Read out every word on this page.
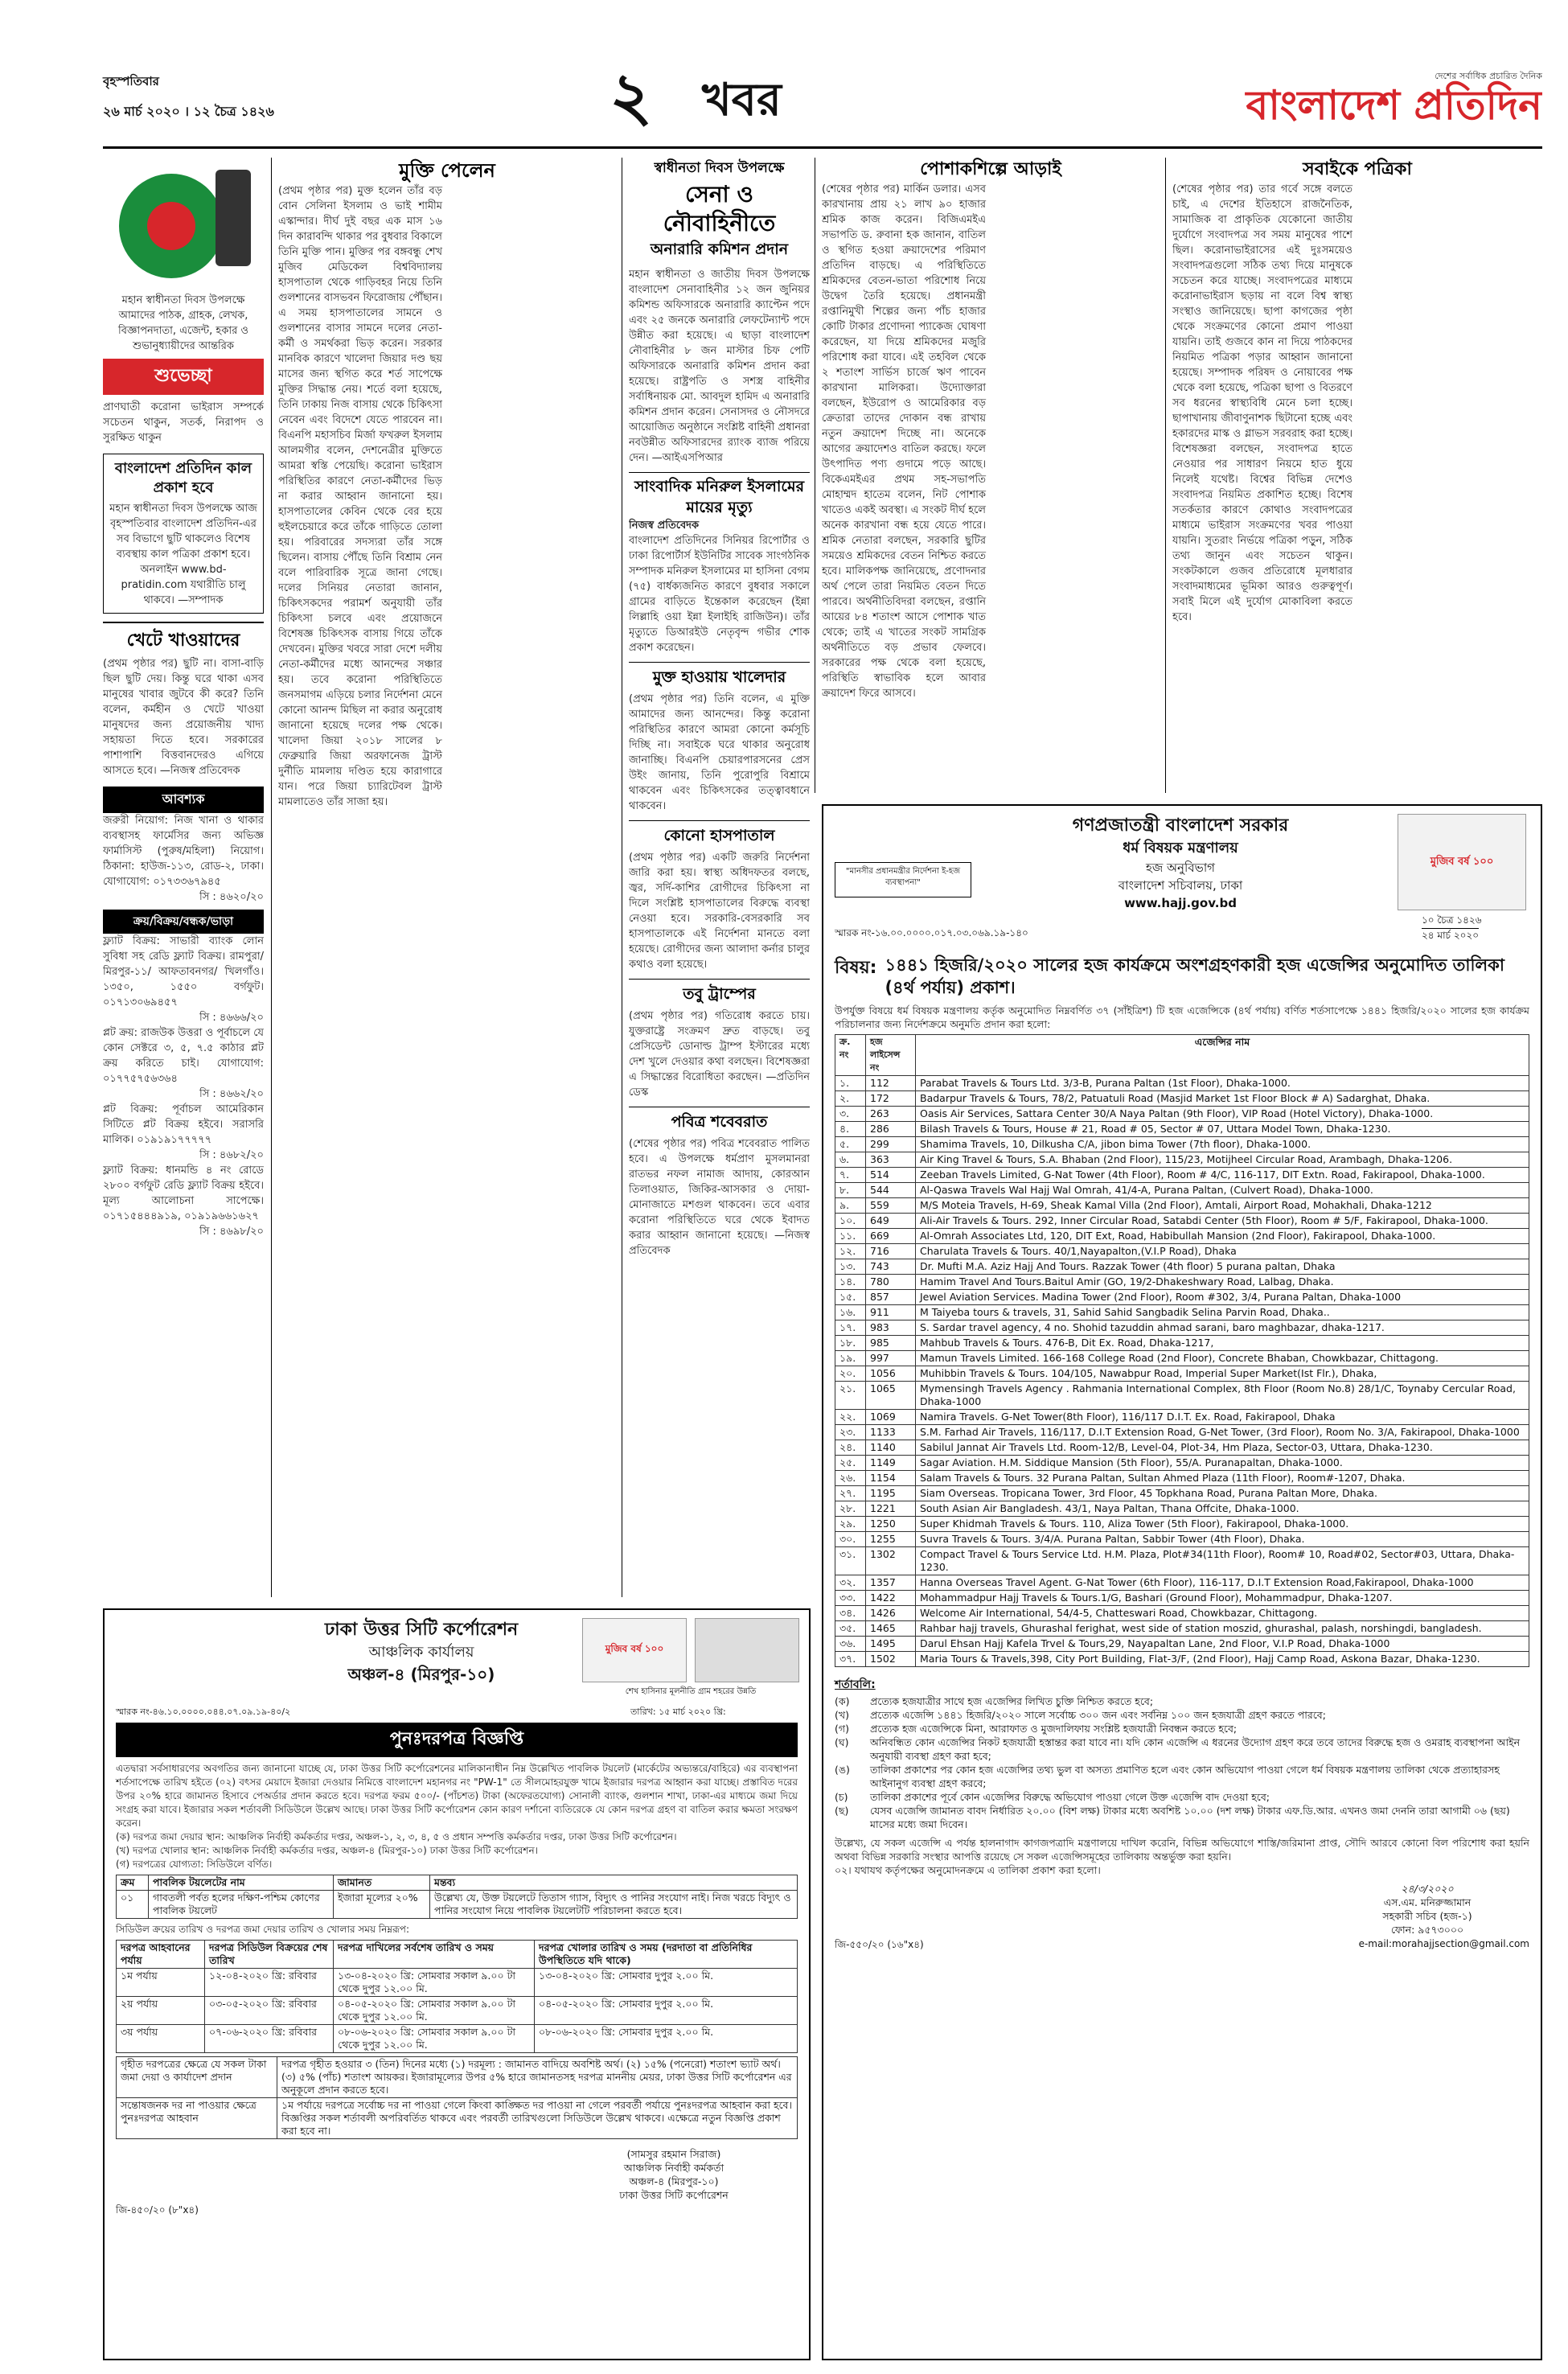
বৃহস্পতিবার
২৬ মার্চ ২০২০ । ১২ চৈত্র ১৪২৬	২ খবর	দেশের সর্বাধিক প্রচারিত দৈনিক
বাংলাদেশ প্রতিদিন
মহান স্বাধীনতা দিবস উপলক্ষে আমাদের পাঠক, গ্রাহক, লেখক, বিজ্ঞাপনদাতা, এজেন্ট, হকার ও শুভানুধ্যায়ীদের আন্তরিক
শুভেচ্ছা
প্রাণঘাতী করোনা ভাইরাস সম্পর্কে সচেতন থাকুন, সতর্ক, নিরাপদ ও সুরক্ষিত থাকুন
বাংলাদেশ প্রতিদিন কাল প্রকাশ হবে
মহান স্বাধীনতা দিবস উপলক্ষে আজ বৃহস্পতিবার বাংলাদেশ প্রতিদিন-এর সব বিভাগে ছুটি থাকলেও বিশেষ ব্যবস্থায় কাল পত্রিকা প্রকাশ হবে। অনলাইন www.bd-pratidin.com যথারীতি চালু থাকবে। —সম্পাদক
খেটে খাওয়াদের
(প্রথম পৃষ্ঠার পর) ছুটি না। বাসা-বাড়ি ছিল ছুটি দেয়। কিন্তু ঘরে থাকা এসব মানুষের খাবার জুটবে কী করে? তিনি বলেন, কর্মহীন ও খেটে খাওয়া মানুষদের জন্য প্রয়োজনীয় খাদ্য সহায়তা দিতে হবে। সরকারের পাশাপাশি বিত্তবানদেরও এগিয়ে আসতে হবে। —নিজস্ব প্রতিবেদক
আবশ্যক
জরুরী নিয়োগ: নিজ খানা ও থাকার ব্যবস্থাসহ ফার্মেসির জন্য অভিজ্ঞ ফার্মাসিস্ট (পুরুষ/মহিলা) নিয়োগ। ঠিকানা: হাউজ-১১৩, রোড-২, ঢাকা। যোগাযোগ: ০১৭৩৩৬৭৯৪৫
সি : ৪৬২০/২০
ক্রয়/বিক্রয়/বন্ধক/ভাড়া
ফ্ল্যাট বিক্রয়: সাভারী ব্যাংক লোন সুবিধা সহ রেডি ফ্ল্যাট বিক্রয়। রামপুরা/ মিরপুর-১১/ আফতাবনগর/ খিলগাঁও। ১৩৫০, ১৫৫০ বর্গফুট। ০১৭১৩০৬৯৪৫৭
সি : ৪৬৬৬/২০
প্লট ক্রয়: রাজউক উত্তরা ও পূর্বাচলে যে কোন সেক্টরে ৩, ৫, ৭.৫ কাঠার প্লট ক্রয় করিতে চাই। যোগাযোগ: ০১৭৭৫৭৫৬৩৬৪
সি : ৪৬৬২/২০
প্লট বিক্রয়: পূর্বাচল আমেরিকান সিটিতে প্লট বিক্রয় হইবে। সরাসরি মালিক। ০১৯১৯১৭৭৭৭৭
সি : ৪৬৮২/২০
ফ্ল্যাট বিক্রয়: ধানমন্ডি ৪ নং রোডে ২৮০০ বর্গফুট রেডি ফ্ল্যাট বিক্রয় হইবে। মূল্য আলোচনা সাপেক্ষে। ০১৭১৫৪৪৪৯১৯, ০১৯১৯৬৬১৬২৭
সি : ৪৬৯৮/২০
মুক্তি পেলেন
(প্রথম পৃষ্ঠার পর) মুক্ত হলেন তাঁর বড় বোন সেলিনা ইসলাম ও ভাই শামীম এস্কান্দার। দীর্ঘ দুই বছর এক মাস ১৬ দিন কারাবন্দি থাকার পর বুধবার বিকালে তিনি মুক্তি পান। মুক্তির পর বঙ্গবন্ধু শেখ মুজিব মেডিকেল বিশ্ববিদ্যালয় হাসপাতাল থেকে গাড়িবহর নিয়ে তিনি গুলশানের বাসভবন ফিরোজায় পৌঁছান। এ সময় হাসপাতালের সামনে ও গুলশানের বাসার সামনে দলের নেতা-কর্মী ও সমর্থকরা ভিড় করেন। সরকার মানবিক কারণে খালেদা জিয়ার দণ্ড ছয় মাসের জন্য স্থগিত করে শর্ত সাপেক্ষে মুক্তির সিদ্ধান্ত নেয়। শর্তে বলা হয়েছে, তিনি ঢাকায় নিজ বাসায় থেকে চিকিৎসা নেবেন এবং বিদেশে যেতে পারবেন না। বিএনপি মহাসচিব মির্জা ফখরুল ইসলাম আলমগীর বলেন, দেশনেত্রীর মুক্তিতে আমরা স্বস্তি পেয়েছি। করোনা ভাইরাস পরিস্থিতির কারণে নেতা-কর্মীদের ভিড় না করার আহ্বান জানানো হয়। হাসপাতালের কেবিন থেকে বের হয়ে হুইলচেয়ারে করে তাঁকে গাড়িতে তোলা হয়। পরিবারের সদস্যরা তাঁর সঙ্গে ছিলেন। বাসায় পৌঁছে তিনি বিশ্রাম নেন বলে পারিবারিক সূত্রে জানা গেছে। দলের সিনিয়র নেতারা জানান, চিকিৎসকদের পরামর্শ অনুযায়ী তাঁর চিকিৎসা চলবে এবং প্রয়োজনে বিশেষজ্ঞ চিকিৎসক বাসায় গিয়ে তাঁকে দেখবেন। মুক্তির খবরে সারা দেশে দলীয় নেতা-কর্মীদের মধ্যে আনন্দের সঞ্চার হয়। তবে করোনা পরিস্থিতিতে জনসমাগম এড়িয়ে চলার নির্দেশনা মেনে কোনো আনন্দ মিছিল না করার অনুরোধ জানানো হয়েছে দলের পক্ষ থেকে। খালেদা জিয়া ২০১৮ সালের ৮ ফেব্রুয়ারি জিয়া অরফানেজ ট্রাস্ট দুর্নীতি মামলায় দণ্ডিত হয়ে কারাগারে যান। পরে জিয়া চ্যারিটেবল ট্রাস্ট মামলাতেও তাঁর সাজা হয়।
স্বাধীনতা দিবস উপলক্ষে
সেনা ও নৌবাহিনীতে
অনারারি কমিশন প্রদান
মহান স্বাধীনতা ও জাতীয় দিবস উপলক্ষে বাংলাদেশ সেনাবাহিনীর ১২ জন জুনিয়র কমিশন্ড অফিসারকে অনারারি ক্যাপ্টেন পদে এবং ২৫ জনকে অনারারি লেফটেন্যান্ট পদে উন্নীত করা হয়েছে। এ ছাড়া বাংলাদেশ নৌবাহিনীর ৮ জন মাস্টার চিফ পেটি অফিসারকে অনারারি কমিশন প্রদান করা হয়েছে। রাষ্ট্রপতি ও সশস্ত্র বাহিনীর সর্বাধিনায়ক মো. আবদুল হামিদ এ অনারারি কমিশন প্রদান করেন। সেনাসদর ও নৌসদরে আয়োজিত অনুষ্ঠানে সংশ্লিষ্ট বাহিনী প্রধানরা নবউন্নীত অফিসারদের র‍্যাংক ব্যাজ পরিয়ে দেন। —আইএসপিআর
সাংবাদিক মনিরুল ইসলামের মায়ের মৃত্যু
নিজস্ব প্রতিবেদক
বাংলাদেশ প্রতিদিনের সিনিয়র রিপোর্টার ও ঢাকা রিপোর্টার্স ইউনিটির সাবেক সাংগঠনিক সম্পাদক মনিরুল ইসলামের মা হাসিনা বেগম (৭৫) বার্ধক্যজনিত কারণে বুধবার সকালে গ্রামের বাড়িতে ইন্তেকাল করেছেন (ইন্না লিল্লাহি ওয়া ইন্না ইলাইহি রাজিউন)। তাঁর মৃত্যুতে ডিআরইউ নেতৃবৃন্দ গভীর শোক প্রকাশ করেছেন।
মুক্ত হাওয়ায় খালেদার
(প্রথম পৃষ্ঠার পর) তিনি বলেন, এ মুক্তি আমাদের জন্য আনন্দের। কিন্তু করোনা পরিস্থিতির কারণে আমরা কোনো কর্মসূচি দিচ্ছি না। সবাইকে ঘরে থাকার অনুরোধ জানাচ্ছি। বিএনপি চেয়ারপারসনের প্রেস উইং জানায়, তিনি পুরোপুরি বিশ্রামে থাকবেন এবং চিকিৎসকের তত্ত্বাবধানে থাকবেন।
কোনো হাসপাতাল
(প্রথম পৃষ্ঠার পর) একটি জরুরি নির্দেশনা জারি করা হয়। স্বাস্থ্য অধিদফতর বলছে, জ্বর, সর্দি-কাশির রোগীদের চিকিৎসা না দিলে সংশ্লিষ্ট হাসপাতালের বিরুদ্ধে ব্যবস্থা নেওয়া হবে। সরকারি-বেসরকারি সব হাসপাতালকে এই নির্দেশনা মানতে বলা হয়েছে। রোগীদের জন্য আলাদা কর্নার চালুর কথাও বলা হয়েছে।
তবু ট্রাম্পের
(প্রথম পৃষ্ঠার পর) গতিরোধ করতে চায়। যুক্তরাষ্ট্রে সংক্রমণ দ্রুত বাড়ছে। তবু প্রেসিডেন্ট ডোনাল্ড ট্রাম্প ইস্টারের মধ্যে দেশ খুলে দেওয়ার কথা বলছেন। বিশেষজ্ঞরা এ সিদ্ধান্তের বিরোধিতা করছেন। —প্রতিদিন ডেস্ক
পবিত্র শবেবরাত
(শেষের পৃষ্ঠার পর) পবিত্র শবেবরাত পালিত হবে। এ উপলক্ষে ধর্মপ্রাণ মুসলমানরা রাতভর নফল নামাজ আদায়, কোরআন তিলাওয়াত, জিকির-আসকার ও দোয়া-মোনাজাতে মশগুল থাকবেন। তবে এবার করোনা পরিস্থিতিতে ঘরে থেকে ইবাদত করার আহ্বান জানানো হয়েছে। —নিজস্ব প্রতিবেদক
পোশাকশিল্পে আড়াই
(শেষের পৃষ্ঠার পর) মার্কিন ডলার। এসব কারখানায় প্রায় ২১ লাখ ৯০ হাজার শ্রমিক কাজ করেন। বিজিএমইএ সভাপতি ড. রুবানা হক জানান, বাতিল ও স্থগিত হওয়া ক্রয়াদেশের পরিমাণ প্রতিদিন বাড়ছে। এ পরিস্থিতিতে শ্রমিকদের বেতন-ভাতা পরিশোধ নিয়ে উদ্বেগ তৈরি হয়েছে। প্রধানমন্ত্রী রপ্তানিমুখী শিল্পের জন্য পাঁচ হাজার কোটি টাকার প্রণোদনা প্যাকেজ ঘোষণা করেছেন, যা দিয়ে শ্রমিকদের মজুরি পরিশোধ করা যাবে। এই তহবিল থেকে ২ শতাংশ সার্ভিস চার্জে ঋণ পাবেন কারখানা মালিকরা। উদ্যোক্তারা বলছেন, ইউরোপ ও আমেরিকার বড় ক্রেতারা তাদের দোকান বন্ধ রাখায় নতুন ক্রয়াদেশ দিচ্ছে না। অনেকে আগের ক্রয়াদেশও বাতিল করছে। ফলে উৎপাদিত পণ্য গুদামে পড়ে আছে। বিকেএমইএর প্রথম সহ-সভাপতি মোহাম্মদ হাতেম বলেন, নিট পোশাক খাতেও একই অবস্থা। এ সংকট দীর্ঘ হলে অনেক কারখানা বন্ধ হয়ে যেতে পারে। শ্রমিক নেতারা বলছেন, সরকারি ছুটির সময়েও শ্রমিকদের বেতন নিশ্চিত করতে হবে। মালিকপক্ষ জানিয়েছে, প্রণোদনার অর্থ পেলে তারা নিয়মিত বেতন দিতে পারবে। অর্থনীতিবিদরা বলছেন, রপ্তানি আয়ের ৮৪ শতাংশ আসে পোশাক খাত থেকে; তাই এ খাতের সংকট সামগ্রিক অর্থনীতিতে বড় প্রভাব ফেলবে। সরকারের পক্ষ থেকে বলা হয়েছে, পরিস্থিতি স্বাভাবিক হলে আবার ক্রয়াদেশ ফিরে আসবে।
সবাইকে পত্রিকা
(শেষের পৃষ্ঠার পর) তার গর্বে সঙ্গে বলতে চাই, এ দেশের ইতিহাসে রাজনৈতিক, সামাজিক বা প্রাকৃতিক যেকোনো জাতীয় দুর্যোগে সংবাদপত্র সব সময় মানুষের পাশে ছিল। করোনাভাইরাসের এই দুঃসময়েও সংবাদপত্রগুলো সঠিক তথ্য দিয়ে মানুষকে সচেতন করে যাচ্ছে। সংবাদপত্রের মাধ্যমে করোনাভাইরাস ছড়ায় না বলে বিশ্ব স্বাস্থ্য সংস্থাও জানিয়েছে। ছাপা কাগজের পৃষ্ঠা থেকে সংক্রমণের কোনো প্রমাণ পাওয়া যায়নি। তাই গুজবে কান না দিয়ে পাঠকদের নিয়মিত পত্রিকা পড়ার আহ্বান জানানো হয়েছে। সম্পাদক পরিষদ ও নোয়াবের পক্ষ থেকে বলা হয়েছে, পত্রিকা ছাপা ও বিতরণে সব ধরনের স্বাস্থ্যবিধি মেনে চলা হচ্ছে। ছাপাখানায় জীবাণুনাশক ছিটানো হচ্ছে এবং হকারদের মাস্ক ও গ্লাভস সরবরাহ করা হচ্ছে। বিশেষজ্ঞরা বলছেন, সংবাদপত্র হাতে নেওয়ার পর সাধারণ নিয়মে হাত ধুয়ে নিলেই যথেষ্ট। বিশ্বের বিভিন্ন দেশেও সংবাদপত্র নিয়মিত প্রকাশিত হচ্ছে। বিশেষ সতর্কতার কারণে কোথাও সংবাদপত্রের মাধ্যমে ভাইরাস সংক্রমণের খবর পাওয়া যায়নি। সুতরাং নির্ভয়ে পত্রিকা পড়ুন, সঠিক তথ্য জানুন এবং সচেতন থাকুন। সংকটকালে গুজব প্রতিরোধে মূলধারার সংবাদমাধ্যমের ভূমিকা আরও গুরুত্বপূর্ণ। সবাই মিলে এই দুর্যোগ মোকাবিলা করতে হবে।
"মানসীর প্রধানমন্ত্রীর নির্দেশনা ই-হজ ব্যবস্থাপনা"
গণপ্রজাতন্ত্রী বাংলাদেশ সরকার
ধর্ম বিষয়ক মন্ত্রণালয়
হজ অনুবিভাগ
বাংলাদেশ সচিবালয়, ঢাকা
www.hajj.gov.bd
মুজিব বর্ষ ১০০
স্মারক নং-১৬.০০.০০০০.০১৭.০৩.০৬৯.১৯-১৪০
১০ চৈত্র ১৪২৬
২৪ মার্চ ২০২০
বিষয়: ১৪৪১ হিজরি/২০২০ সালের হজ কার্যক্রমে অংশগ্রহণকারী হজ এজেন্সির অনুমোদিত তালিকা (৪র্থ পর্যায়) প্রকাশ।
উপর্যুক্ত বিষয়ে ধর্ম বিষয়ক মন্ত্রণালয় কর্তৃক অনুমোদিত নিম্নবর্ণিত ৩৭ (সাঁইত্রিশ) টি হজ এজেন্সিকে (৪র্থ পর্যায়) বর্ণিত শর্তসাপেক্ষে ১৪৪১ হিজরি/২০২০ সালের হজ কার্যক্রম পরিচালনার জন্য নির্দেশক্রমে অনুমতি প্রদান করা হলো:
ক্র. নং	হজ লাইসেন্স নং	এজেন্সির নাম
১.	112	Parabat Travels & Tours Ltd. 3/3-B, Purana Paltan (1st Floor), Dhaka-1000.
২.	172	Badarpur Travels & Tours, 78/2, Patuatuli Road (Masjid Market 1st Floor Block # A) Sadarghat, Dhaka.
৩.	263	Oasis Air Services, Sattara Center 30/A Naya Paltan (9th Floor), VIP Road (Hotel Victory), Dhaka-1000.
৪.	286	Bilash Travels & Tours, House # 21, Road # 05, Sector # 07, Uttara Model Town, Dhaka-1230.
৫.	299	Shamima Travels, 10, Dilkusha C/A, jibon bima Tower (7th floor), Dhaka-1000.
৬.	363	Air King Travel & Tours, S.A. Bhaban (2nd Floor), 115/23, Motijheel Circular Road, Arambagh, Dhaka-1206.
৭.	514	Zeeban Travels Limited, G-Nat Tower (4th Floor), Room # 4/C, 116-117, DIT Extn. Road, Fakirapool, Dhaka-1000.
৮.	544	Al-Qaswa Travels Wal Hajj Wal Omrah, 41/4-A, Purana Paltan, (Culvert Road), Dhaka-1000.
৯.	559	M/S Moteia Travels, H-69, Sheak Kamal Villa (2nd Floor), Amtali, Airport Road, Mohakhali, Dhaka-1212
১০.	649	Ali-Air Travels & Tours. 292, Inner Circular Road, Satabdi Center (5th Floor), Room # 5/F, Fakirapool, Dhaka-1000.
১১.	669	Al-Omrah Associates Ltd, 120, DIT Ext, Road, Habibullah Mansion (2nd Floor), Fakirapool, Dhaka-1000.
১২.	716	Charulata Travels & Tours. 40/1,Nayapalton,(V.I.P Road), Dhaka
১৩.	743	Dr. Mufti M.A. Aziz Hajj And Tours. Razzak Tower (4th floor) 5 purana paltan, Dhaka
১৪.	780	Hamim Travel And Tours.Baitul Amir (GO, 19/2-Dhakeshwary Road, Lalbag, Dhaka.
১৫.	857	Jewel Aviation Services. Madina Tower (2nd Floor), Room #302, 3/4, Purana Paltan, Dhaka-1000
১৬.	911	M Taiyeba tours & travels, 31, Sahid Sahid Sangbadik Selina Parvin Road, Dhaka..
১৭.	983	S. Sardar travel agency, 4 no. Shohid tazuddin ahmad sarani, baro maghbazar, dhaka-1217.
১৮.	985	Mahbub Travels & Tours. 476-B, Dit Ex. Road, Dhaka-1217,
১৯.	997	Mamun Travels Limited. 166-168 College Road (2nd Floor), Concrete Bhaban, Chowkbazar, Chittagong.
২০.	1056	Muhibbin Travels & Tours. 104/105, Nawabpur Road, Imperial Super Market(Ist Flr.), Dhaka,
২১.	1065	Mymensingh Travels Agency . Rahmania International Complex, 8th Floor (Room No.8) 28/1/C, Toynaby Cercular Road, Dhaka-1000
২২.	1069	Namira Travels. G-Net Tower(8th Floor), 116/117 D.I.T. Ex. Road, Fakirapool, Dhaka
২৩.	1133	S.M. Farhad Air Travels, 116/117, D.I.T Extension Road, G-Net Tower, (3rd Floor), Room No. 3/A, Fakirapool, Dhaka-1000
২৪.	1140	Sabilul Jannat Air Travels Ltd. Room-12/B, Level-04, Plot-34, Hm Plaza, Sector-03, Uttara, Dhaka-1230.
২৫.	1149	Sagar Aviation. H.M. Siddique Mansion (5th Floor), 55/A. Puranapaltan, Dhaka-1000.
২৬.	1154	Salam Travels & Tours. 32 Purana Paltan, Sultan Ahmed Plaza (11th Floor), Room#-1207, Dhaka.
২৭.	1195	Siam Overseas. Tropicana Tower, 3rd Floor, 45 Topkhana Road, Purana Paltan More, Dhaka.
২৮.	1221	South Asian Air Bangladesh. 43/1, Naya Paltan, Thana Offcite, Dhaka-1000.
২৯.	1250	Super Khidmah Travels & Tours. 110, Aliza Tower (5th Floor), Fakirapool, Dhaka-1000.
৩০.	1255	Suvra Travels & Tours. 3/4/A. Purana Paltan, Sabbir Tower (4th Floor), Dhaka.
৩১.	1302	Compact Travel & Tours Service Ltd. H.M. Plaza, Plot#34(11th Floor), Room# 10, Road#02, Sector#03, Uttara, Dhaka-1230.
৩২.	1357	Hanna Overseas Travel Agent. G-Nat Tower (6th Floor), 116-117, D.I.T Extension Road,Fakirapool, Dhaka-1000
৩৩.	1422	Mohammadpur Hajj Travels & Tours.1/G, Bashari (Ground Floor), Mohammadpur, Dhaka-1207.
৩৪.	1426	Welcome Air International, 54/4-5, Chatteswari Road, Chowkbazar, Chittagong.
৩৫.	1465	Rahbar hajj travels, Ghurashal ferighat, west side of station moszid, ghurashal, palash, norshingdi, bangladesh.
৩৬.	1495	Darul Ehsan Hajj Kafela Trvel & Tours,29, Nayapaltan Lane, 2nd Floor, V.I.P Road, Dhaka-1000
৩৭.	1502	Maria Tours & Travels,398, City Port Building, Flat-3/F, (2nd Floor), Hajj Camp Road, Askona Bazar, Dhaka-1230.
শর্তাবলি:
(ক)	প্রত্যেক হজযাত্রীর সাথে হজ এজেন্সির লিখিত চুক্তি নিশ্চিত করতে হবে;
(খ)	প্রত্যেক এজেন্সি ১৪৪১ হিজরি/২০২০ সালে সর্বোচ্চ ৩০০ জন এবং সর্বনিম্ন ১০০ জন হজযাত্রী গ্রহণ করতে পারবে;
(গ)	প্রত্যেক হজ এজেন্সিকে মিনা, আরাফাত ও মুজদালিফায় সংশ্লিষ্ট হজযাত্রী নিবন্ধন করতে হবে;
(ঘ)	অনিবন্ধিত কোন এজেন্সির নিকট হজযাত্রী হস্তান্তর করা যাবে না। যদি কোন এজেন্সি এ ধরনের উদ্যোগ গ্রহণ করে তবে তাদের বিরুদ্ধে হজ ও ওমরাহ ব্যবস্থাপনা আইন অনুযায়ী ব্যবস্থা গ্রহণ করা হবে;
(ঙ)	তালিকা প্রকাশের পর কোন হজ এজেন্সির তথ্য ভুল বা অসত্য প্রমাণিত হলে এবং কোন অভিযোগ পাওয়া গেলে ধর্ম বিষয়ক মন্ত্রণালয় তালিকা থেকে প্রত্যাহারসহ আইনানুগ ব্যবস্থা গ্রহণ করবে;
(চ)	তালিকা প্রকাশের পূর্বে কোন এজেন্সির বিরুদ্ধে অভিযোগ পাওয়া গেলে উক্ত এজেন্সি বাদ দেওয়া হবে;
(ছ)	যেসব এজেন্সি জামানত বাবদ নির্ধারিত ২০.০০ (বিশ লক্ষ) টাকার মধ্যে অবশিষ্ট ১০.০০ (দশ লক্ষ) টাকার এফ.ডি.আর. এখনও জমা দেননি তারা আগামী ০৬ (ছয়) মাসের মধ্যে জমা দিবেন।
উল্লেখ্য, যে সকল এজেন্সি এ পর্যন্ত হালনাগাদ কাগজপত্রাদি মন্ত্রণালয়ে দাখিল করেনি, বিভিন্ন অভিযোগে শাস্তি/জরিমানা প্রাপ্ত, সৌদি আরবে কোনো বিল পরিশোধ করা হয়নি অথবা বিভিন্ন সরকারি সংস্থার আপত্তি রয়েছে সে সকল এজেন্সিসমূহের তালিকায় অন্তর্ভুক্ত করা হয়নি।
০২। যথাযথ কর্তৃপক্ষের অনুমোদনক্রমে এ তালিকা প্রকাশ করা হলো।
২৪/৩/২০২০
এস.এম. মনিরুজ্জামান
সহকারী সচিব (হজ-১)
ফোন: ৯৫৭৩০০০
জি-৫৫০/২০ (১৬"x৪)	e-mail:morahajjsection@gmail.com
ঢাকা উত্তর সিটি কর্পোরেশন
আঞ্চলিক কার্যালয়
অঞ্চল-৪ (মিরপুর-১০)
মুজিব বর্ষ ১০০
শেখ হাসিনার মূলনীতি গ্রাম শহরের উন্নতি
স্মারক নং-৪৬.১০.০০০০.০৪৪.০৭.০৯.১৯-৪০/২	তারিখ: ১৫ মার্চ ২০২০ খ্রি:
পুনঃদরপত্র বিজ্ঞপ্তি
এতদ্বারা সর্বসাধারণের অবগতির জন্য জানানো যাচ্ছে যে, ঢাকা উত্তর সিটি কর্পোরেশনের মালিকানাধীন নিম্ন উল্লেখিত পাবলিক টয়লেট (মার্কেটের অভ্যন্তরে/বাহিরে) এর ব্যবস্থাপনা শর্তসাপেক্ষে তারিখ হইতে (০২) বৎসর মেয়াদে ইজারা দেওয়ার নিমিত্তে বাংলাদেশ মহানগর নং "PW-1" তে সীলমোহরযুক্ত খামে ইজারার দরপত্র আহ্বান করা যাচ্ছে। প্রস্তাবিত দরের উপর ২০% হারে জামানত হিসাবে পেঅর্ডার প্রদান করতে হবে। দরপত্র ফরম ৫০০/- (পাঁচশত) টাকা (অফেরতযোগ্য) সোনালী ব্যাংক, গুলশান শাখা, ঢাকা-এর মাধ্যমে জমা দিয়ে সংগ্রহ করা যাবে। ইজারার সকল শর্তাবলী সিডিউলে উল্লেখ আছে। ঢাকা উত্তর সিটি কর্পোরেশন কোন কারণ দর্শানো ব্যতিরেকে যে কোন দরপত্র গ্রহণ বা বাতিল করার ক্ষমতা সংরক্ষণ করেন।
(ক) দরপত্র জমা দেয়ার স্থান: আঞ্চলিক নির্বাহী কর্মকর্তার দপ্তর, অঞ্চল-১, ২, ৩, ৪, ৫ ও প্রধান সম্পত্তি কর্মকর্তার দপ্তর, ঢাকা উত্তর সিটি কর্পোরেশন।
(খ) দরপত্র খোলার স্থান: আঞ্চলিক নির্বাহী কর্মকর্তার দপ্তর, অঞ্চল-৪ (মিরপুর-১০) ঢাকা উত্তর সিটি কর্পোরেশন।
(গ) দরপত্রের যোগ্যতা: সিডিউলে বর্ণিত।
ক্রম	পাবলিক টয়লেটের নাম	জামানত	মন্তব্য
০১	গাবতলী পর্বত হলের দক্ষিণ-পশ্চিম কোণের পাবলিক টয়লেট	ইজারা মূল্যের ২০%	উল্লেখ্য যে, উক্ত টয়লেটে তিতাস গ্যাস, বিদ্যুৎ ও পানির সংযোগ নাই। নিজ খরচে বিদ্যুৎ ও পানির সংযোগ নিয়ে পাবলিক টয়লেটটি পরিচালনা করতে হবে।
সিডিউল ক্রয়ের তারিখ ও দরপত্র জমা দেয়ার তারিখ ও খোলার সময় নিম্নরূপ:
দরপত্র আহবানের পর্যায়	দরপত্র সিডিউল বিক্রয়ের শেষ তারিখ	দরপত্র দাখিলের সর্বশেষ তারিখ ও সময়	দরপত্র খোলার তারিখ ও সময় (দরদাতা বা প্রতিনিধির উপস্থিতিতে যদি থাকে)
১ম পর্যায়	১২-০৪-২০২০ খ্রি: রবিবার	১৩-০৪-২০২০ খ্রি: সোমবার সকাল ৯.০০ টা থেকে দুপুর ১২.০০ মি.	১৩-০৪-২০২০ খ্রি: সোমবার দুপুর ২.০০ মি.
২য় পর্যায়	০৩-০৫-২০২০ খ্রি: রবিবার	০৪-০৫-২০২০ খ্রি: সোমবার সকাল ৯.০০ টা থেকে দুপুর ১২.০০ মি.	০৪-০৫-২০২০ খ্রি: সোমবার দুপুর ২.০০ মি.
৩য় পর্যায়	০৭-০৬-২০২০ খ্রি: রবিবার	০৮-০৬-২০২০ খ্রি: সোমবার সকাল ৯.০০ টা থেকে দুপুর ১২.০০ মি.	০৮-০৬-২০২০ খ্রি: সোমবার দুপুর ২.০০ মি.
গৃহীত দরপত্রের ক্ষেত্রে যে সকল টাকা জমা দেয়া ও কার্যাদেশ প্রদান	দরপত্র গৃহীত হওয়ার ৩ (তিন) দিনের মধ্যে (১) দরমূল্য : জামানত বাদিয়ে অবশিষ্ট অর্থ। (২) ১৫% (পনেরো) শতাংশ ভ্যাট অর্থ। (৩) ৫% (পাঁচ) শতাংশ আয়কর। ইজারামূল্যের উপর ৫% হারে জামানতসহ দরপত্র মাননীয় মেয়র, ঢাকা উত্তর সিটি কর্পোরেশন এর অনুকূলে প্রদান করতে হবে।
সন্তোষজনক দর না পাওয়ার ক্ষেত্রে পুনঃদরপত্র আহবান	১ম পর্যায়ে দরপত্রে সর্বোচ্চ দর না পাওয়া গেলে কিংবা কাঙ্ক্ষিত দর পাওয়া না গেলে পরবর্তী পর্যায়ে পুনঃদরপত্র আহবান করা হবে। বিজ্ঞপ্তির সকল শর্তাবলী অপরিবর্তিত থাকবে এবং পরবর্তী তারিখগুলো সিডিউলে উল্লেখ থাকবে। এক্ষেত্রে নতুন বিজ্ঞপ্তি প্রকাশ করা হবে না।
(সামসুর রহমান সিরাজ)
আঞ্চলিক নির্বাহী কর্মকর্তা
অঞ্চল-৪ (মিরপুর-১০)
ঢাকা উত্তর সিটি কর্পোরেশন
জি-৪৫০/২০ (৮"x৪)
